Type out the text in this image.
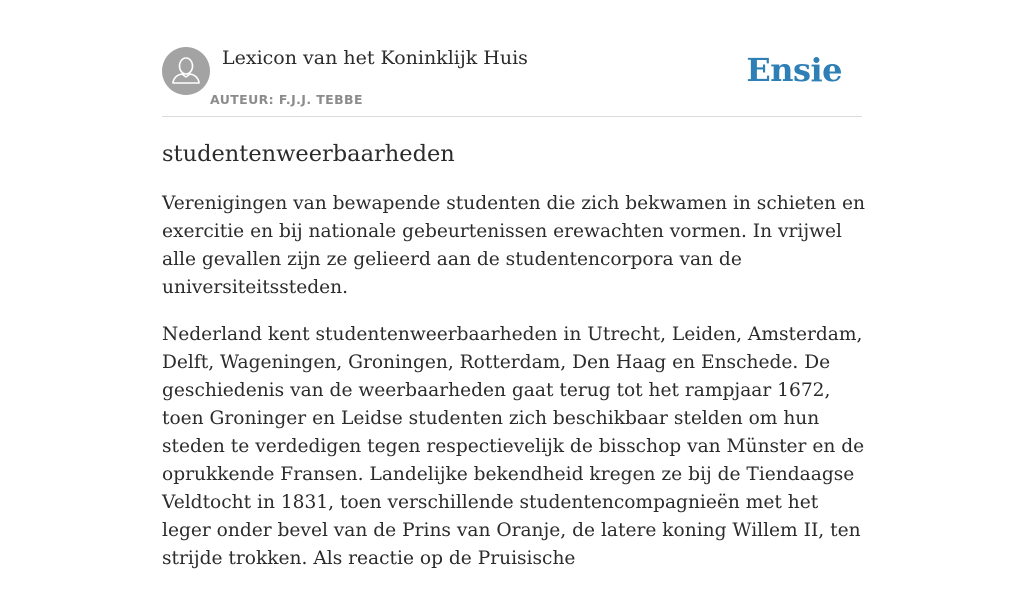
Lexicon van het Koninklijk Huis
AUTEUR: F.J.J. TEBBE
Ensie
studentenweerbaarheden

Verenigingen van bewapende studenten die zich bekwamen in schieten en exercitie en bij nationale gebeurtenissen erewachten vormen. In vrijwel alle gevallen zijn ze gelieerd aan de studentencorpora van de universiteitssteden.

Nederland kent studentenweerbaarheden in Utrecht, Leiden, Amsterdam, Delft, Wageningen, Groningen, Rotterdam, Den Haag en Enschede. De geschiedenis van de weerbaarheden gaat terug tot het rampjaar 1672, toen Groninger en Leidse studenten zich beschikbaar stelden om hun steden te verdedigen tegen respectievelijk de bisschop van Münster en de oprukkende Fransen. Landelijke bekendheid kregen ze bij de Tiendaagse Veldtocht in 1831, toen verschillende studentencompagnieën met het leger onder bevel van de Prins van Oranje, de latere koning Willem II, ten strijde trokken. Als reactie op de Pruisische
